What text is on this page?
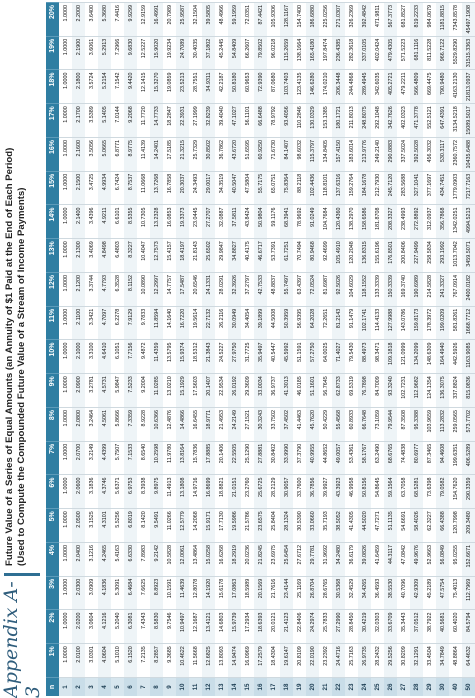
Appendix A-3
Future Value of a Series of Equal Amounts (an Annuity of $1 Paid at the End of Each Period) (Used to Compute the Compounded Future Value of a Stream of Income Payments)
n	1%	2%	3%	4%	5%	6%	7%	8%	9%	10%	11%	12%	13%	14%	15%	16%	17%	18%	19%	20%
1	1.0000	1.0000	1.0000	1.0000	1.0000	1.0000	1.0000	1.0000	1.0000	1.0000	1.0000	1.0000	1.0000	1.0000	1.0000	1.0000	1.0000	1.0000	1.0000	1.0000
2	2.0100	2.0200	2.0300	2.0400	2.0500	2.0600	2.0700	2.0800	2.0900	2.1000	2.1100	2.1200	2.1300	2.1400	2.1500	2.1600	2.1700	2.1800	2.1900	2.2000
3	3.0301	3.0604	3.0909	3.1216	3.1525	3.1836	3.2149	3.2464	3.2781	3.3100	3.3421	3.3744	3.4069	3.4396	3.4725	3.5056	3.5389	3.5724	3.6061	3.6400
4	4.0604	4.1216	4.1836	4.2465	4.3101	4.3746	4.4399	4.5061	4.5731	4.6410	4.7097	4.7793	4.8498	4.9211	4.9934	5.0665	5.1405	5.2154	5.2913	5.3680
5	5.1010	5.2040	5.3091	5.4163	5.5256	5.6371	5.7507	5.8666	5.9847	6.1051	6.2278	6.3528	6.4803	6.6101	6.7424	6.8771	7.0144	7.1542	7.2966	7.4416
6	6.1520	6.3081	6.4684	6.6330	6.8019	6.9753	7.1533	7.3359	7.5233	7.7156	7.9129	8.1152	8.3227	8.5355	8.7537	8.9775	9.2068	9.4420	9.6830	9.9299
7	7.2135	7.4343	7.6625	7.8983	8.1420	8.3938	8.6540	8.9228	9.2004	9.4872	9.7833	10.0890	10.4047	10.7305	11.0668	11.4139	11.7720	12.1415	12.5227	12.9159
8	8.2857	8.5830	8.8923	9.2142	9.5491	9.8975	10.2598	10.6366	11.0285	11.4359	11.8594	12.2997	12.7573	13.2328	13.7268	14.2401	14.7733	15.3270	15.9020	16.4991
9	9.3685	9.7546	10.1591	10.5828	11.0266	11.4913	11.9780	12.4876	13.0210	13.5795	14.1640	14.7757	15.4157	16.0853	16.7858	17.5185	18.2847	19.0859	19.9234	20.7989
10	10.4622	10.9497	11.4639	12.0061	12.5779	13.1808	13.8164	14.4866	15.1929	15.9374	16.7220	17.5487	18.4197	19.3373	20.3037	21.3215	22.3931	23.5213	24.7089	25.9587
11	11.5668	12.1687	12.8078	13.4864	14.2068	14.9716	15.7836	16.6455	17.5603	18.5312	19.5614	20.6546	21.8143	23.0445	24.3493	25.7329	27.1999	28.7551	30.4035	32.1504
12	12.6825	13.4121	14.1920	15.0258	15.9171	16.8699	17.8885	18.9771	20.1407	21.3843	22.7132	24.1331	25.6502	27.2707	29.0017	30.8502	32.8239	34.9311	37.1802	39.5805
13	13.8093	14.6803	15.6178	16.6268	17.7130	18.8821	20.1406	21.4953	22.9534	24.5227	26.2116	28.0291	29.9847	32.0887	34.3519	36.7862	39.4040	42.2187	45.2445	48.4966
14	14.9474	15.9739	17.0863	18.2919	19.5986	21.0151	22.5505	24.2149	26.0192	27.9750	30.0949	32.3926	34.8827	37.5811	40.5047	43.6720	47.1027	50.8180	54.8409	59.1959
15	16.0969	17.2934	18.5989	20.0236	21.5786	23.2760	25.1290	27.1521	29.3609	31.7725	34.4054	37.2797	40.4175	43.8424	47.5804	51.6595	56.1101	60.9653	66.2607	72.0351
16	17.2579	18.6393	20.1569	21.8245	23.6575	25.6725	27.8881	30.3243	33.0034	35.9497	39.1899	42.7533	46.6717	50.9804	55.7175	60.9250	66.6488	72.9390	79.8502	87.4421
17	18.4304	20.0121	21.7616	23.6975	25.8404	28.2129	30.8402	33.7502	36.9737	40.5447	44.5008	48.8837	53.7391	59.1176	65.0751	71.6730	78.9792	87.0680	96.0218	105.9306
18	19.6147	21.4123	23.4144	25.6454	28.1324	30.9057	33.9990	37.4502	41.3013	45.5992	50.3959	55.7497	61.7251	68.3941	75.8364	84.1407	93.4056	103.7403	115.2659	128.1167
19	20.8109	22.8406	25.1169	27.6712	30.5390	33.7600	37.3790	41.4463	46.0185	51.1591	56.9395	63.4397	70.7494	78.9692	88.2118	98.6032	110.2846	123.4135	138.1664	154.7400
20	22.0190	24.2974	26.8704	29.7781	33.0660	36.7856	40.9955	45.7620	51.1601	57.2750	64.2028	72.0524	80.9468	91.0249	102.4436	115.3797	130.0329	146.6280	165.4180	186.6880
21	23.2392	25.7833	28.6765	31.9692	35.7193	39.9927	44.8652	50.4229	56.7645	64.0025	72.2651	81.6987	92.4699	104.7684	118.8101	134.8405	153.1385	174.0210	197.8474	225.0256
22	24.4716	27.2990	30.5368	34.2480	38.5052	43.3923	49.0057	55.4568	62.8733	71.4027	81.2143	92.5026	105.4910	120.4360	137.6316	157.4150	180.1721	206.3448	236.4385	271.0307
23	25.7163	28.8450	32.4529	36.6179	41.4305	46.9958	53.4361	60.8933	69.5319	79.5430	91.1479	104.6029	120.2048	138.2970	159.2764	183.6014	211.8013	244.4868	282.3618	326.2369
24	26.9735	30.4219	34.4265	39.0826	44.5020	50.8156	58.1767	66.7648	76.7898	88.4973	102.1741	118.1552	136.8315	158.6586	184.1678	213.9776	248.8075	289.4945	337.0105	392.4842
25	28.2432	32.0303	36.4593	41.6459	47.7271	54.8645	63.2490	73.1059	84.7009	98.3471	114.4133	133.3339	155.6196	181.8708	212.7930	249.2140	292.1048	342.6035	402.0424	471.9811
26	29.5256	33.6709	38.5530	44.3117	51.1135	59.1564	68.6765	79.9544	93.3240	109.1818	127.9988	150.3339	176.8501	208.3327	245.7120	290.0883	342.7626	405.2721	479.4305	567.3773
27	30.8209	35.3443	40.7096	47.0842	54.6691	63.7058	74.4838	87.3508	102.7231	121.0999	143.0786	169.3740	200.8406	238.4993	283.5688	337.5024	402.0323	479.2211	571.5223	681.8527
28	32.1291	37.0512	42.9309	49.9676	58.4026	68.5281	80.6977	95.3388	112.9682	134.2099	159.8173	190.6989	227.9499	272.8892	327.1041	392.5028	471.3778	566.4809	681.1116	819.2233
29	33.4504	38.7922	45.2189	52.9663	62.3227	73.6398	87.3465	103.9659	124.1354	148.6309	178.3972	214.5828	258.5834	312.0937	377.1697	456.3032	552.5121	669.4475	811.5228	984.0679
30	34.7849	40.5681	47.5754	56.0849	66.4388	79.0582	94.4608	113.2832	136.3075	164.4940	199.0209	241.3327	293.1992	356.7868	434.7451	530.3117	647.4391	790.9480	966.7122	1181.8815
40	48.8864	60.4020	75.4013	95.0255	120.7998	154.7620	199.6351	259.0565	337.8824	442.5926	581.8261	767.0914	1013.7042	1342.0251	1779.0903	2360.7572	3134.5218	4163.2130	5529.8290	7343.8578
50	64.4632	84.5794	112.7969	152.6671	209.3480	290.3359	406.5289	573.7702	815.0836	1163.9085	1668.7712	2400.0182	3459.5071	4994.5213	7217.7163	10435.6488	15089.5017	21813.0937	31515.3363	45497.1908
